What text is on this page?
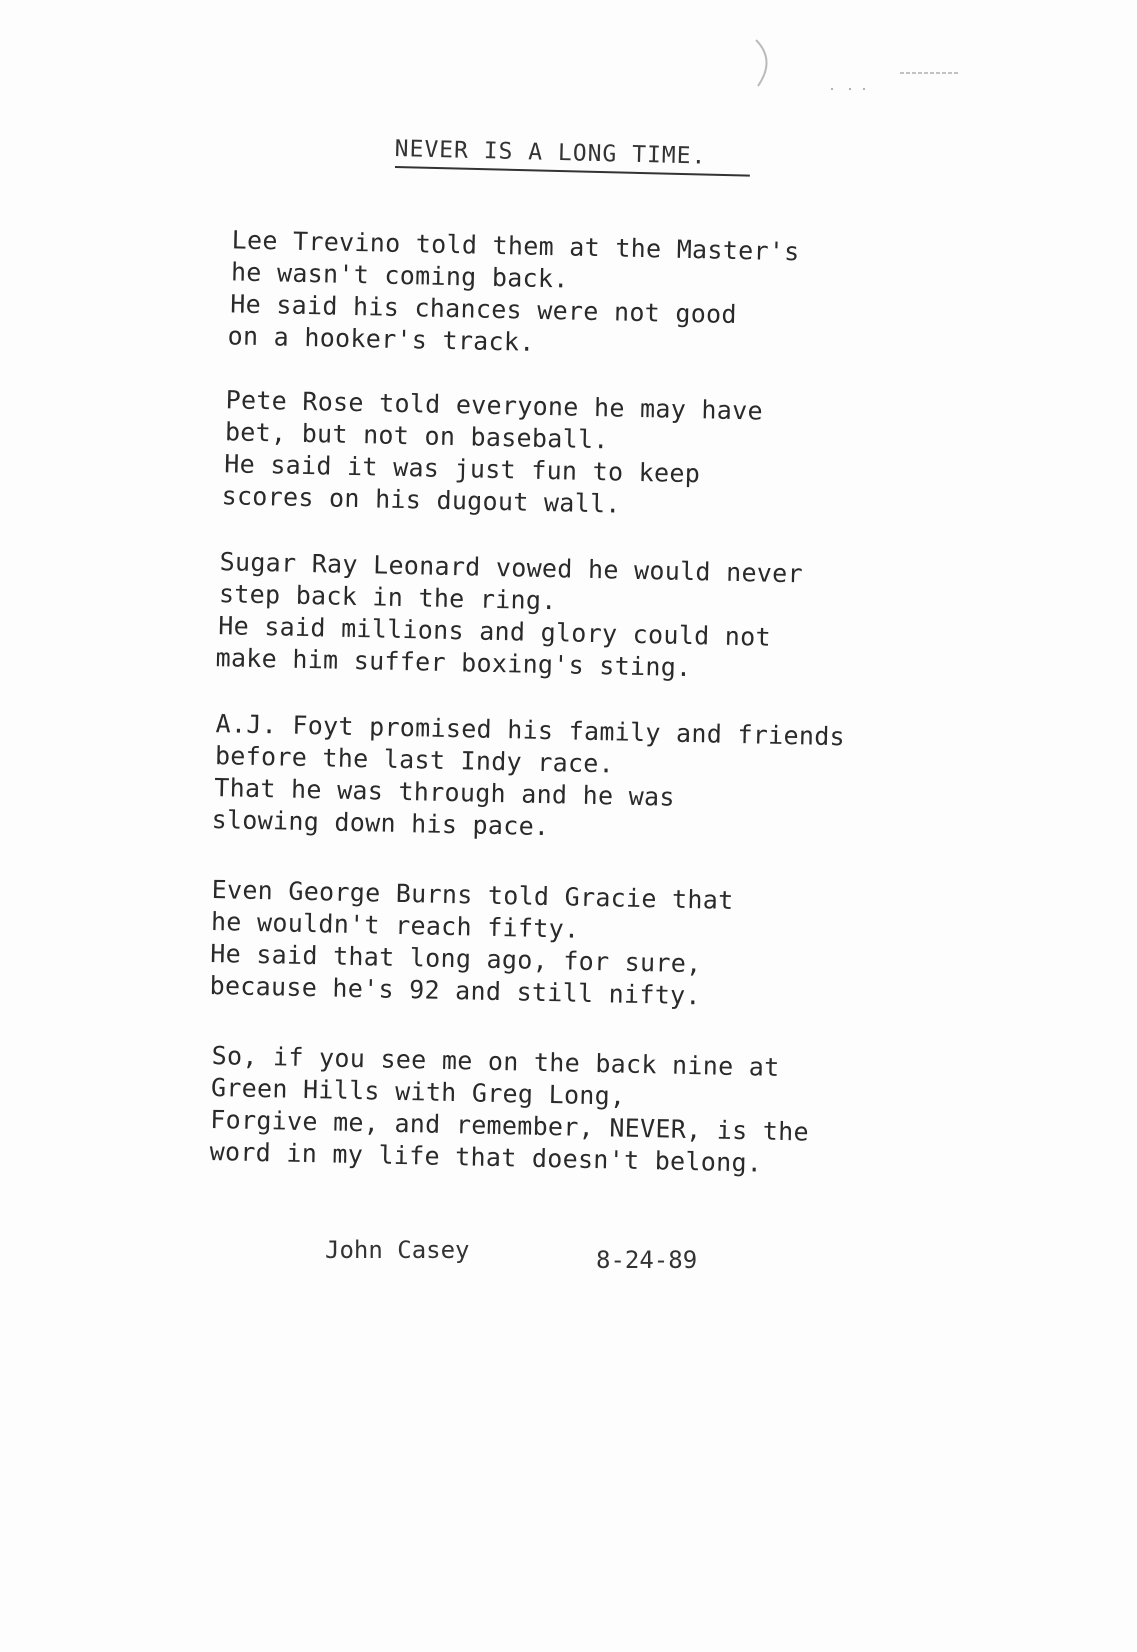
NEVER IS A LONG TIME.
Lee Trevino told them at the Master's
he wasn't coming back.
He said his chances were not good
on a hooker's track.
Pete Rose told everyone he may have
bet, but not on baseball.
He said it was just fun to keep
scores on his dugout wall.
Sugar Ray Leonard vowed he would never
step back in the ring.
He said millions and glory could not
make him suffer boxing's sting.
A.J. Foyt promised his family and friends
before the last Indy race.
That he was through and he was
slowing down his pace.
Even George Burns told Gracie that
he wouldn't reach fifty.
He said that long ago, for sure,
because he's 92 and still nifty.
So, if you see me on the back nine at
Green Hills with Greg Long,
Forgive me, and remember, NEVER, is the
word in my life that doesn't belong.
John Casey	8-24-89
